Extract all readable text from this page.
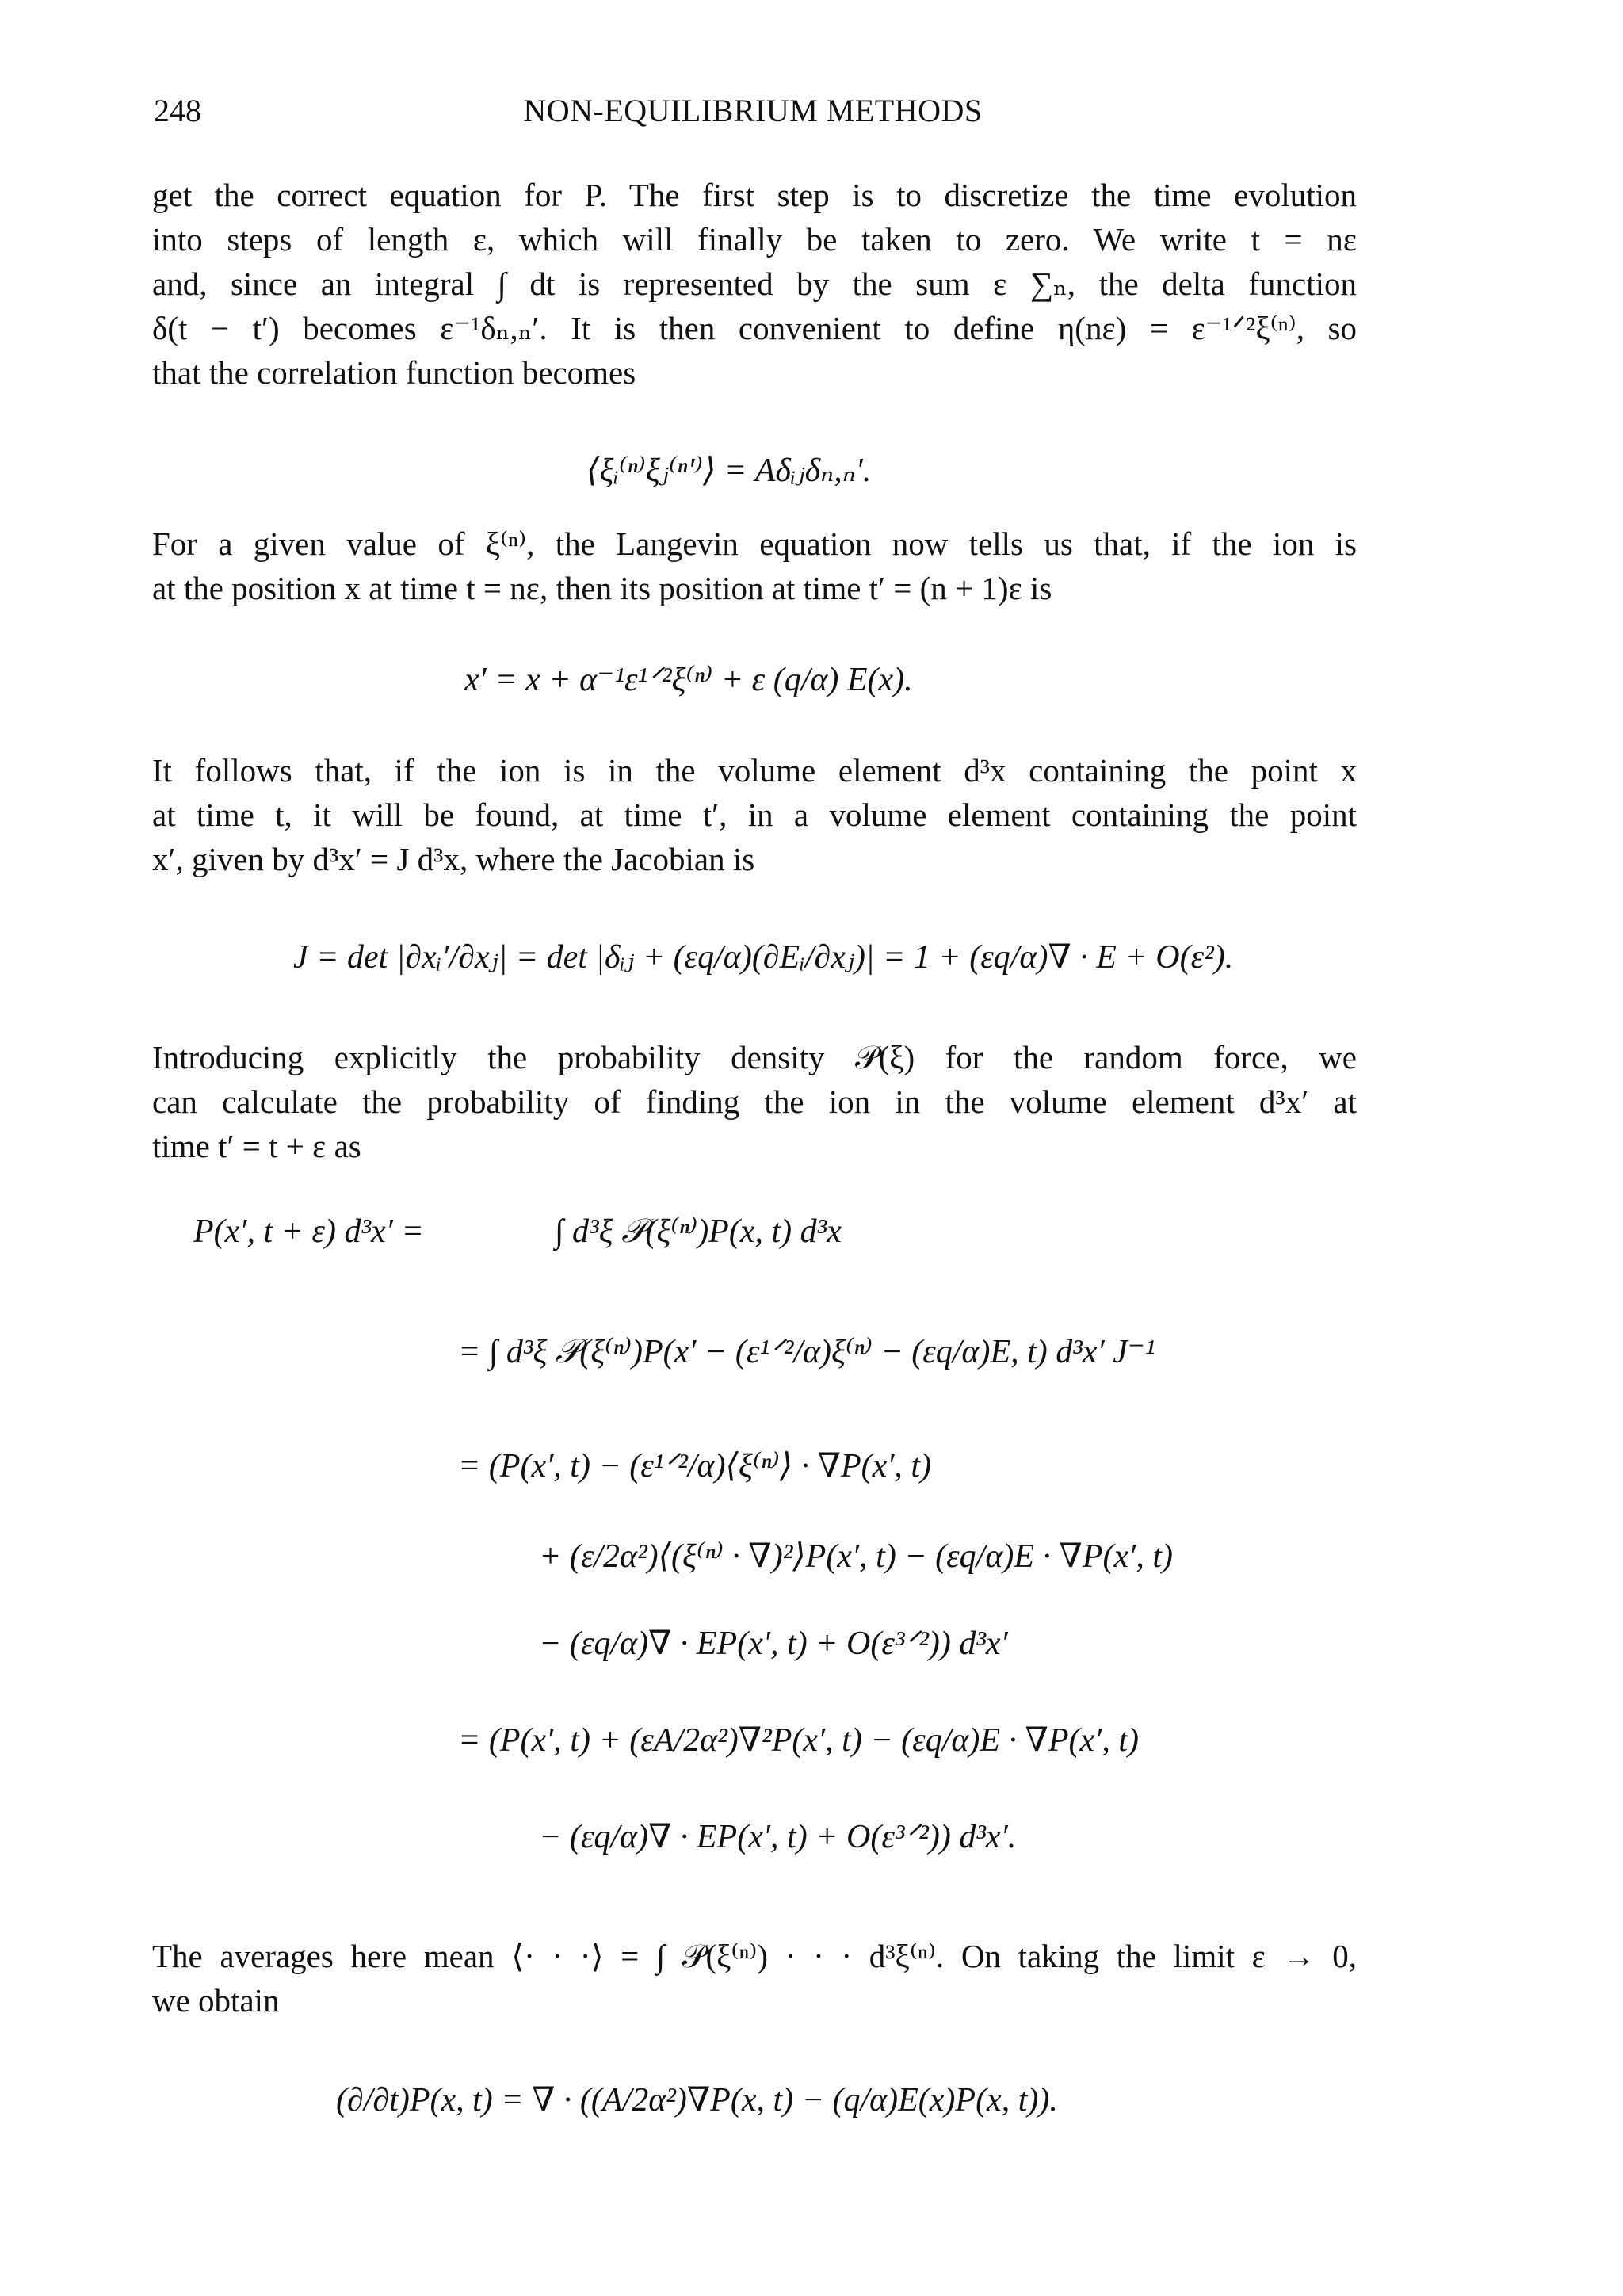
248	NON-EQUILIBRIUM METHODS
get the correct equation for P. The first step is to discretize the time evolution
into steps of length ε, which will finally be taken to zero. We write t = nε
and, since an integral ∫ dt is represented by the sum ε ∑ₙ, the delta function
δ(t − t′) becomes ε⁻¹δₙ,ₙ′. It is then convenient to define η(nε) = ε⁻¹ᐟ²ξ⁽ⁿ⁾, so
that the correlation function becomes
⟨ξᵢ⁽ⁿ⁾ξⱼ⁽ⁿ′⁾⟩ = Aδᵢⱼδₙ,ₙ′.
For a given value of ξ⁽ⁿ⁾, the Langevin equation now tells us that, if the ion is
at the position x at time t = nε, then its position at time t′ = (n + 1)ε is
x′ = x + α⁻¹ε¹ᐟ²ξ⁽ⁿ⁾ + ε (q/α) E(x).
It follows that, if the ion is in the volume element d³x containing the point x
at time t, it will be found, at time t′, in a volume element containing the point
x′, given by d³x′ = J d³x, where the Jacobian is
J = det |∂xᵢ′/∂xⱼ| = det |δᵢⱼ + (εq/α)(∂Eᵢ/∂xⱼ)| = 1 + (εq/α)∇ · E + O(ε²).
Introducing explicitly the probability density 𝒫(ξ) for the random force, we
can calculate the probability of finding the ion in the volume element d³x′ at
time t′ = t + ε as
P(x′, t + ε) d³x′ =	∫ d³ξ 𝒫(ξ⁽ⁿ⁾)P(x, t) d³x
= ∫ d³ξ 𝒫(ξ⁽ⁿ⁾)P(x′ − (ε¹ᐟ²/α)ξ⁽ⁿ⁾ − (εq/α)E, t) d³x′ J⁻¹
= (P(x′, t) − (ε¹ᐟ²/α)⟨ξ⁽ⁿ⁾⟩ · ∇P(x′, t)
+ (ε/2α²)⟨(ξ⁽ⁿ⁾ · ∇)²⟩P(x′, t) − (εq/α)E · ∇P(x′, t)
− (εq/α)∇ · EP(x′, t) + O(ε³ᐟ²)) d³x′
= (P(x′, t) + (εA/2α²)∇²P(x′, t) − (εq/α)E · ∇P(x′, t)
− (εq/α)∇ · EP(x′, t) + O(ε³ᐟ²)) d³x′.
The averages here mean ⟨· · ·⟩ = ∫ 𝒫(ξ⁽ⁿ⁾) · · · d³ξ⁽ⁿ⁾. On taking the limit ε → 0,
we obtain
(∂/∂t)P(x, t) = ∇ · ((A/2α²)∇P(x, t) − (q/α)E(x)P(x, t)).
